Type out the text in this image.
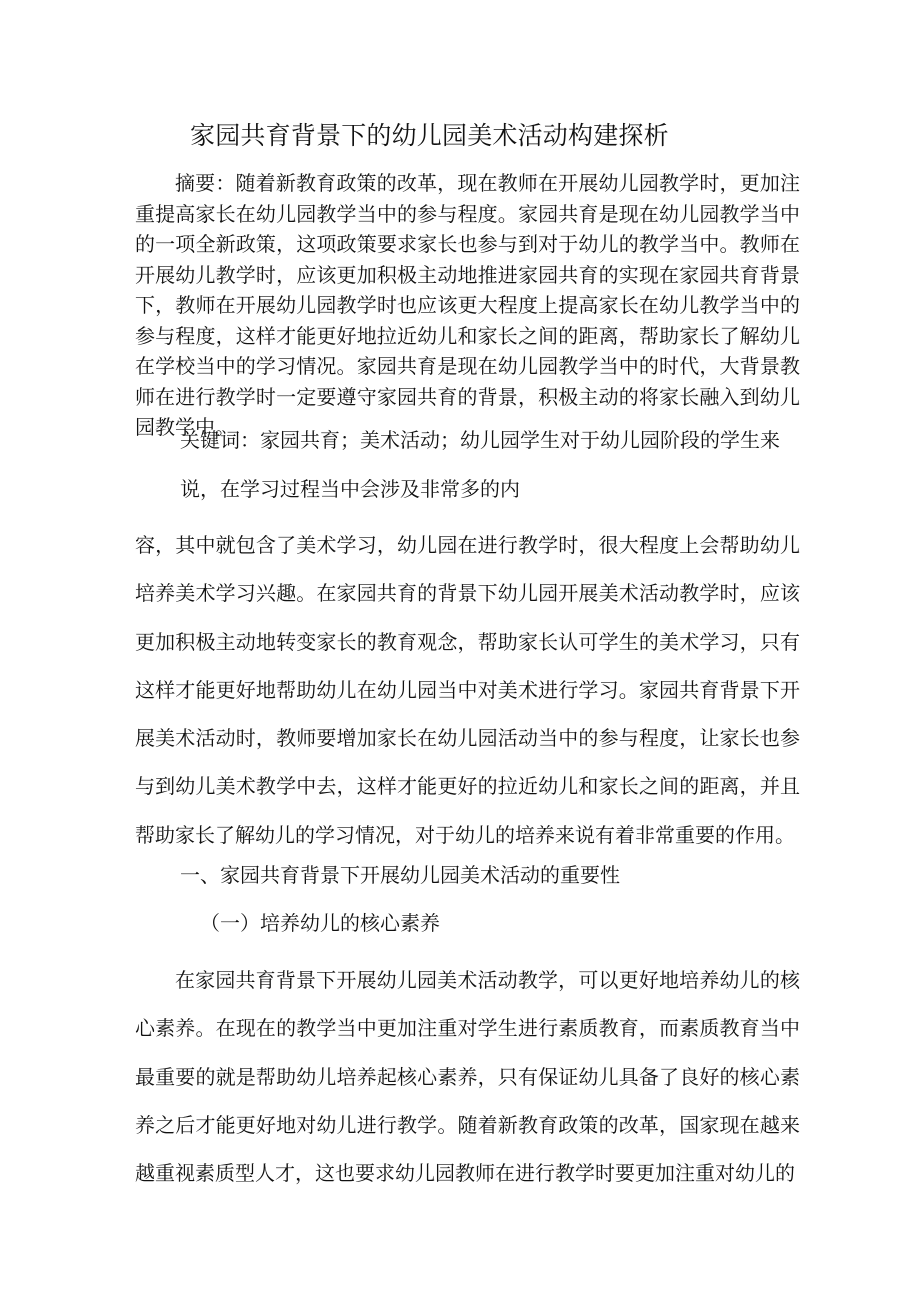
家园共育背景下的幼儿园美术活动构建探析
摘要：随着新教育政策的改革，现在教师在开展幼儿园教学时，更加注重提高家长在幼儿园教学当中的参与程度。家园共育是现在幼儿园教学当中的一项全新政策，这项政策要求家长也参与到对于幼儿的教学当中。教师在开展幼儿教学时，应该更加积极主动地推进家园共育的实现在家园共育背景下，教师在开展幼儿园教学时也应该更大程度上提高家长在幼儿教学当中的参与程度，这样才能更好地拉近幼儿和家长之间的距离，帮助家长了解幼儿在学校当中的学习情况。家园共育是现在幼儿园教学当中的时代，大背景教师在进行教学时一定要遵守家园共育的背景，积极主动的将家长融入到幼儿园教学中。
关键词：家园共育；美术活动；幼儿园学生对于幼儿园阶段的学生来
说，在学习过程当中会涉及非常多的内
容，其中就包含了美术学习，幼儿园在进行教学时，很大程度上会帮助幼儿培养美术学习兴趣。在家园共育的背景下幼儿园开展美术活动教学时，应该更加积极主动地转变家长的教育观念，帮助家长认可学生的美术学习，只有这样才能更好地帮助幼儿在幼儿园当中对美术进行学习。家园共育背景下开展美术活动时，教师要增加家长在幼儿园活动当中的参与程度，让家长也参与到幼儿美术教学中去，这样才能更好的拉近幼儿和家长之间的距离，并且帮助家长了解幼儿的学习情况，对于幼儿的培养来说有着非常重要的作用。
一、家园共育背景下开展幼儿园美术活动的重要性
（一）培养幼儿的核心素养
在家园共育背景下开展幼儿园美术活动教学，可以更好地培养幼儿的核心素养。在现在的教学当中更加注重对学生进行素质教育，而素质教育当中最重要的就是帮助幼儿培养起核心素养，只有保证幼儿具备了良好的核心素养之后才能更好地对幼儿进行教学。随着新教育政策的改革，国家现在越来越重视素质型人才，这也要求幼儿园教师在进行教学时要更加注重对幼儿的
